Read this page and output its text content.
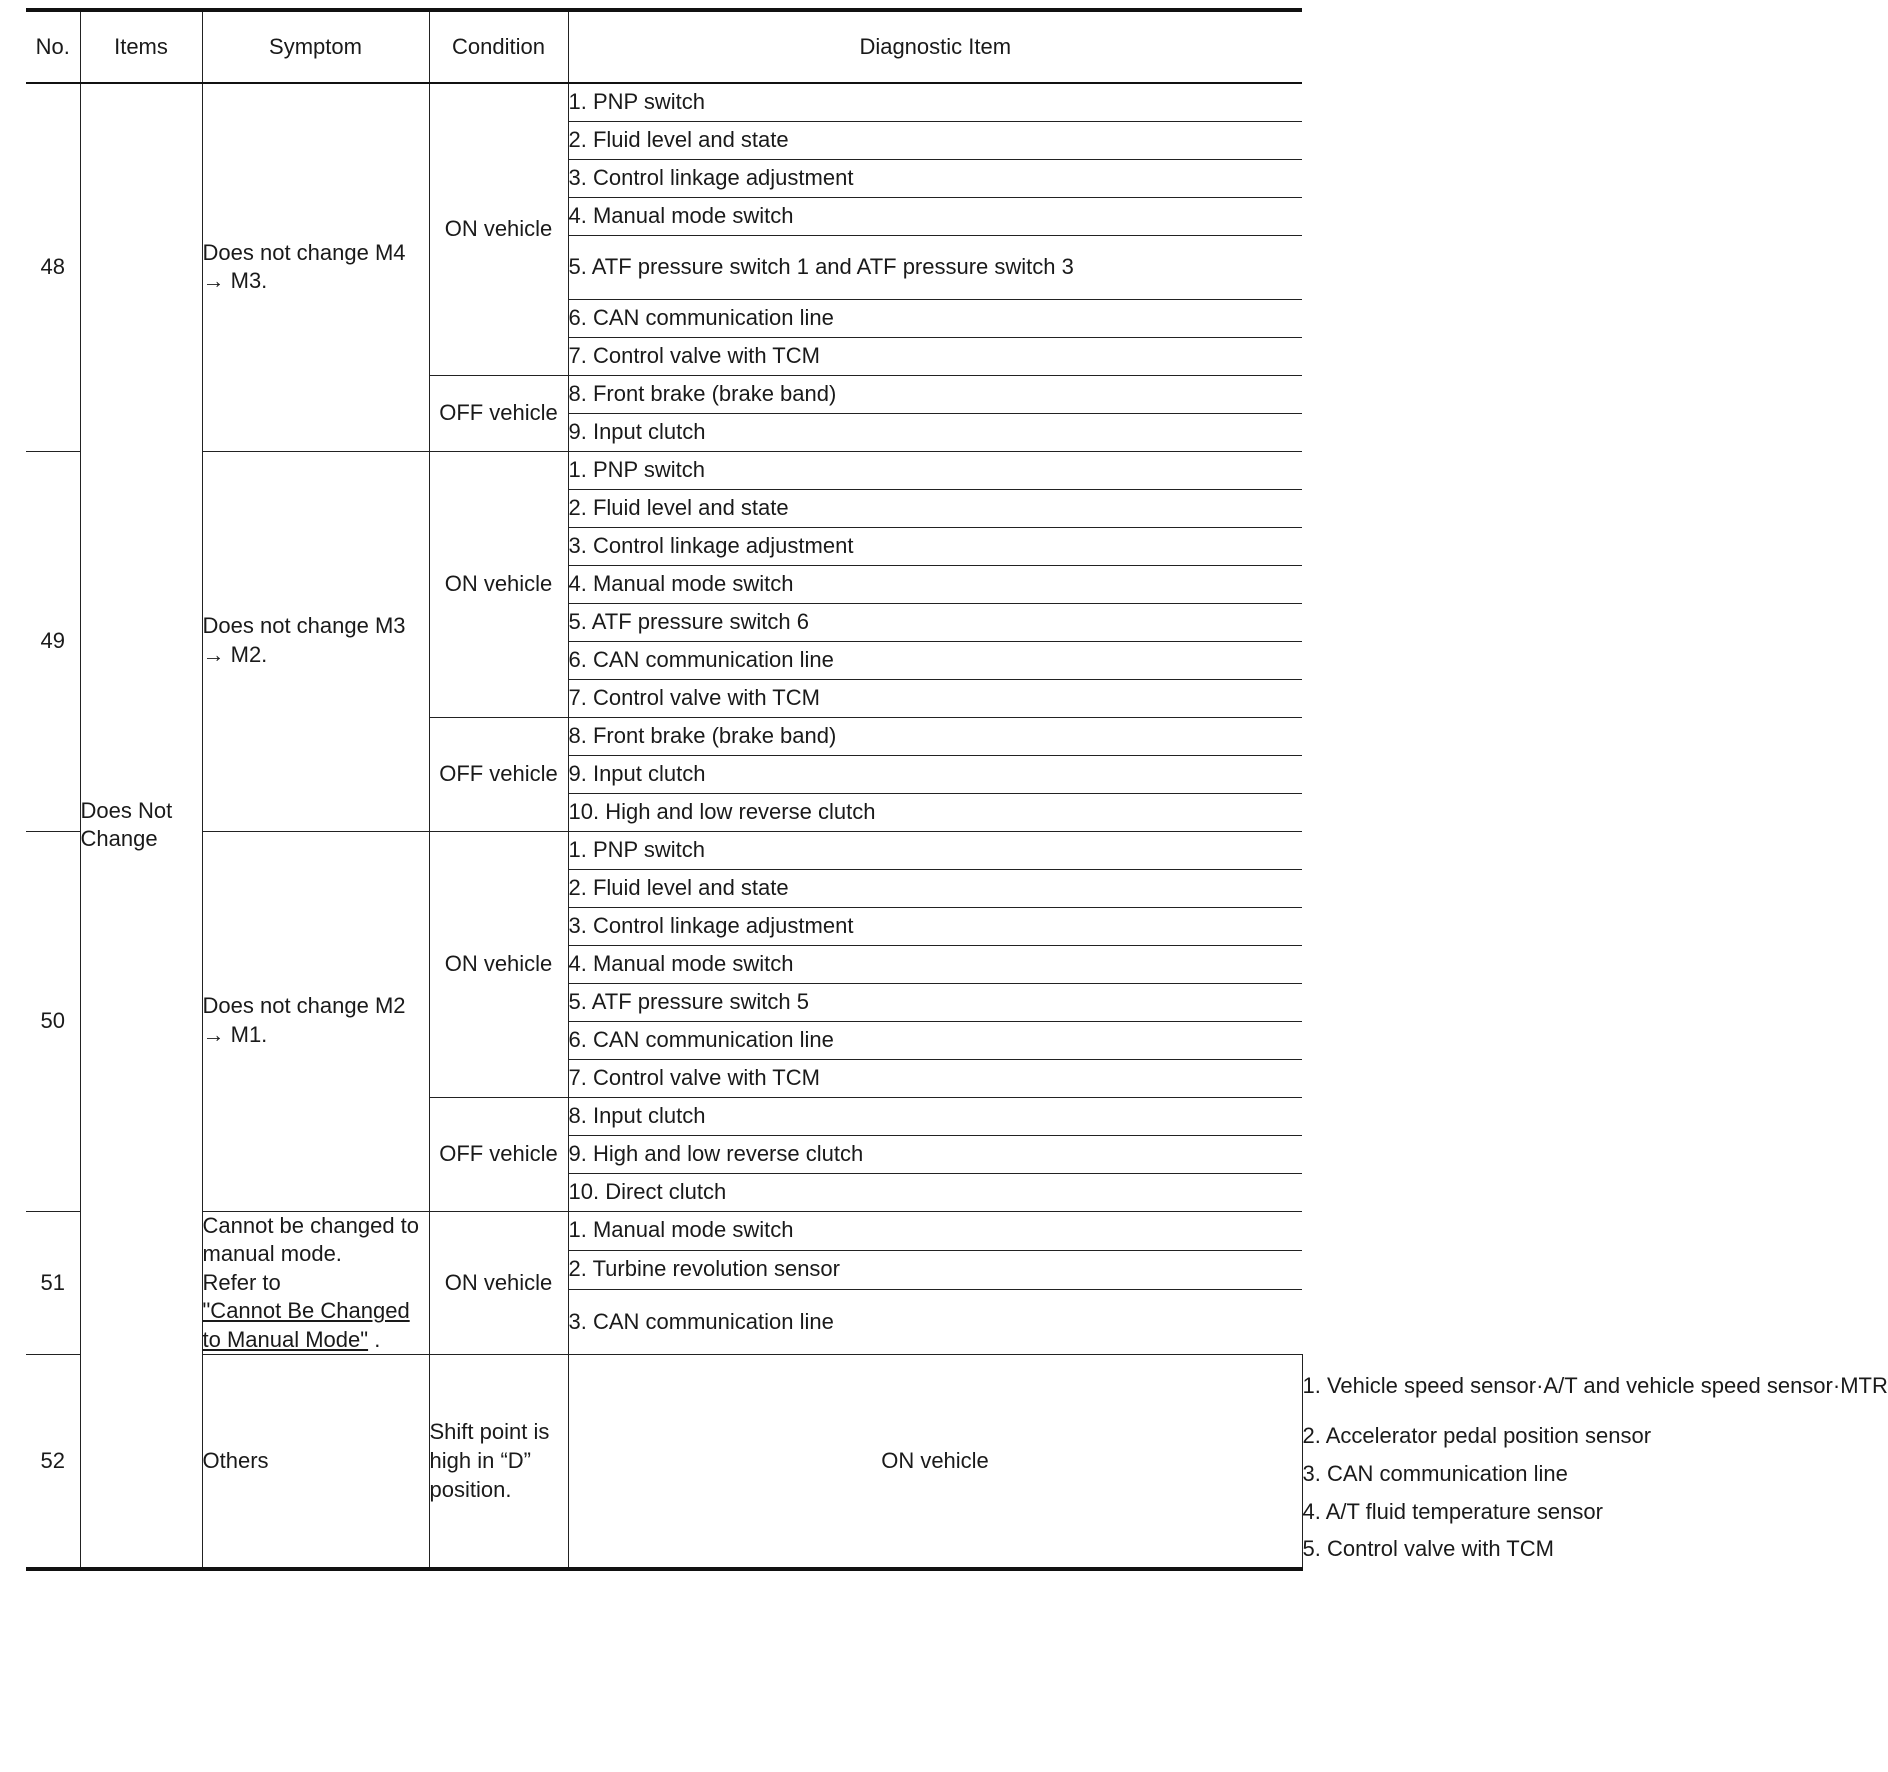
No.	Items	Symptom	Condition	Diagnostic Item	
48	Does Not Change	Does not change M4 → M3.	ON vehicle	1. PNP switch	
				2. Fluid level and state	
				3. Control linkage adjustment	
				4. Manual mode switch	
				5. ATF pressure switch 1 and ATF pressure switch 3	
				6. CAN communication line	
				7. Control valve with TCM	
			OFF vehicle	8. Front brake (brake band)	
				9. Input clutch	
49		Does not change M3 → M2.	ON vehicle	1. PNP switch	
				2. Fluid level and state	
				3. Control linkage adjustment	
				4. Manual mode switch	
				5. ATF pressure switch 6	
				6. CAN communication line	
				7. Control valve with TCM	
			OFF vehicle	8. Front brake (brake band)	
				9. Input clutch	
				10. High and low reverse clutch	
50		Does not change M2 → M1.	ON vehicle	1. PNP switch	
				2. Fluid level and state	
				3. Control linkage adjustment	
				4. Manual mode switch	
				5. ATF pressure switch 5	
				6. CAN communication line	
				7. Control valve with TCM	
			OFF vehicle	8. Input clutch	
				9. High and low reverse clutch	
				10. Direct clutch	
51		Cannot be changed to manual mode.
Refer to
"Cannot Be Changed to Manual Mode" .	ON vehicle	1. Manual mode switch	
				2. Turbine revolution sensor	
				3. CAN communication line	
52		Others	Shift point is high in “D” position.	ON vehicle	1. Vehicle speed sensor·A/T and vehicle speed sensor·MTR
					2. Accelerator pedal position sensor
					3. CAN communication line
					4. A/T fluid temperature sensor
					5. Control valve with TCM
